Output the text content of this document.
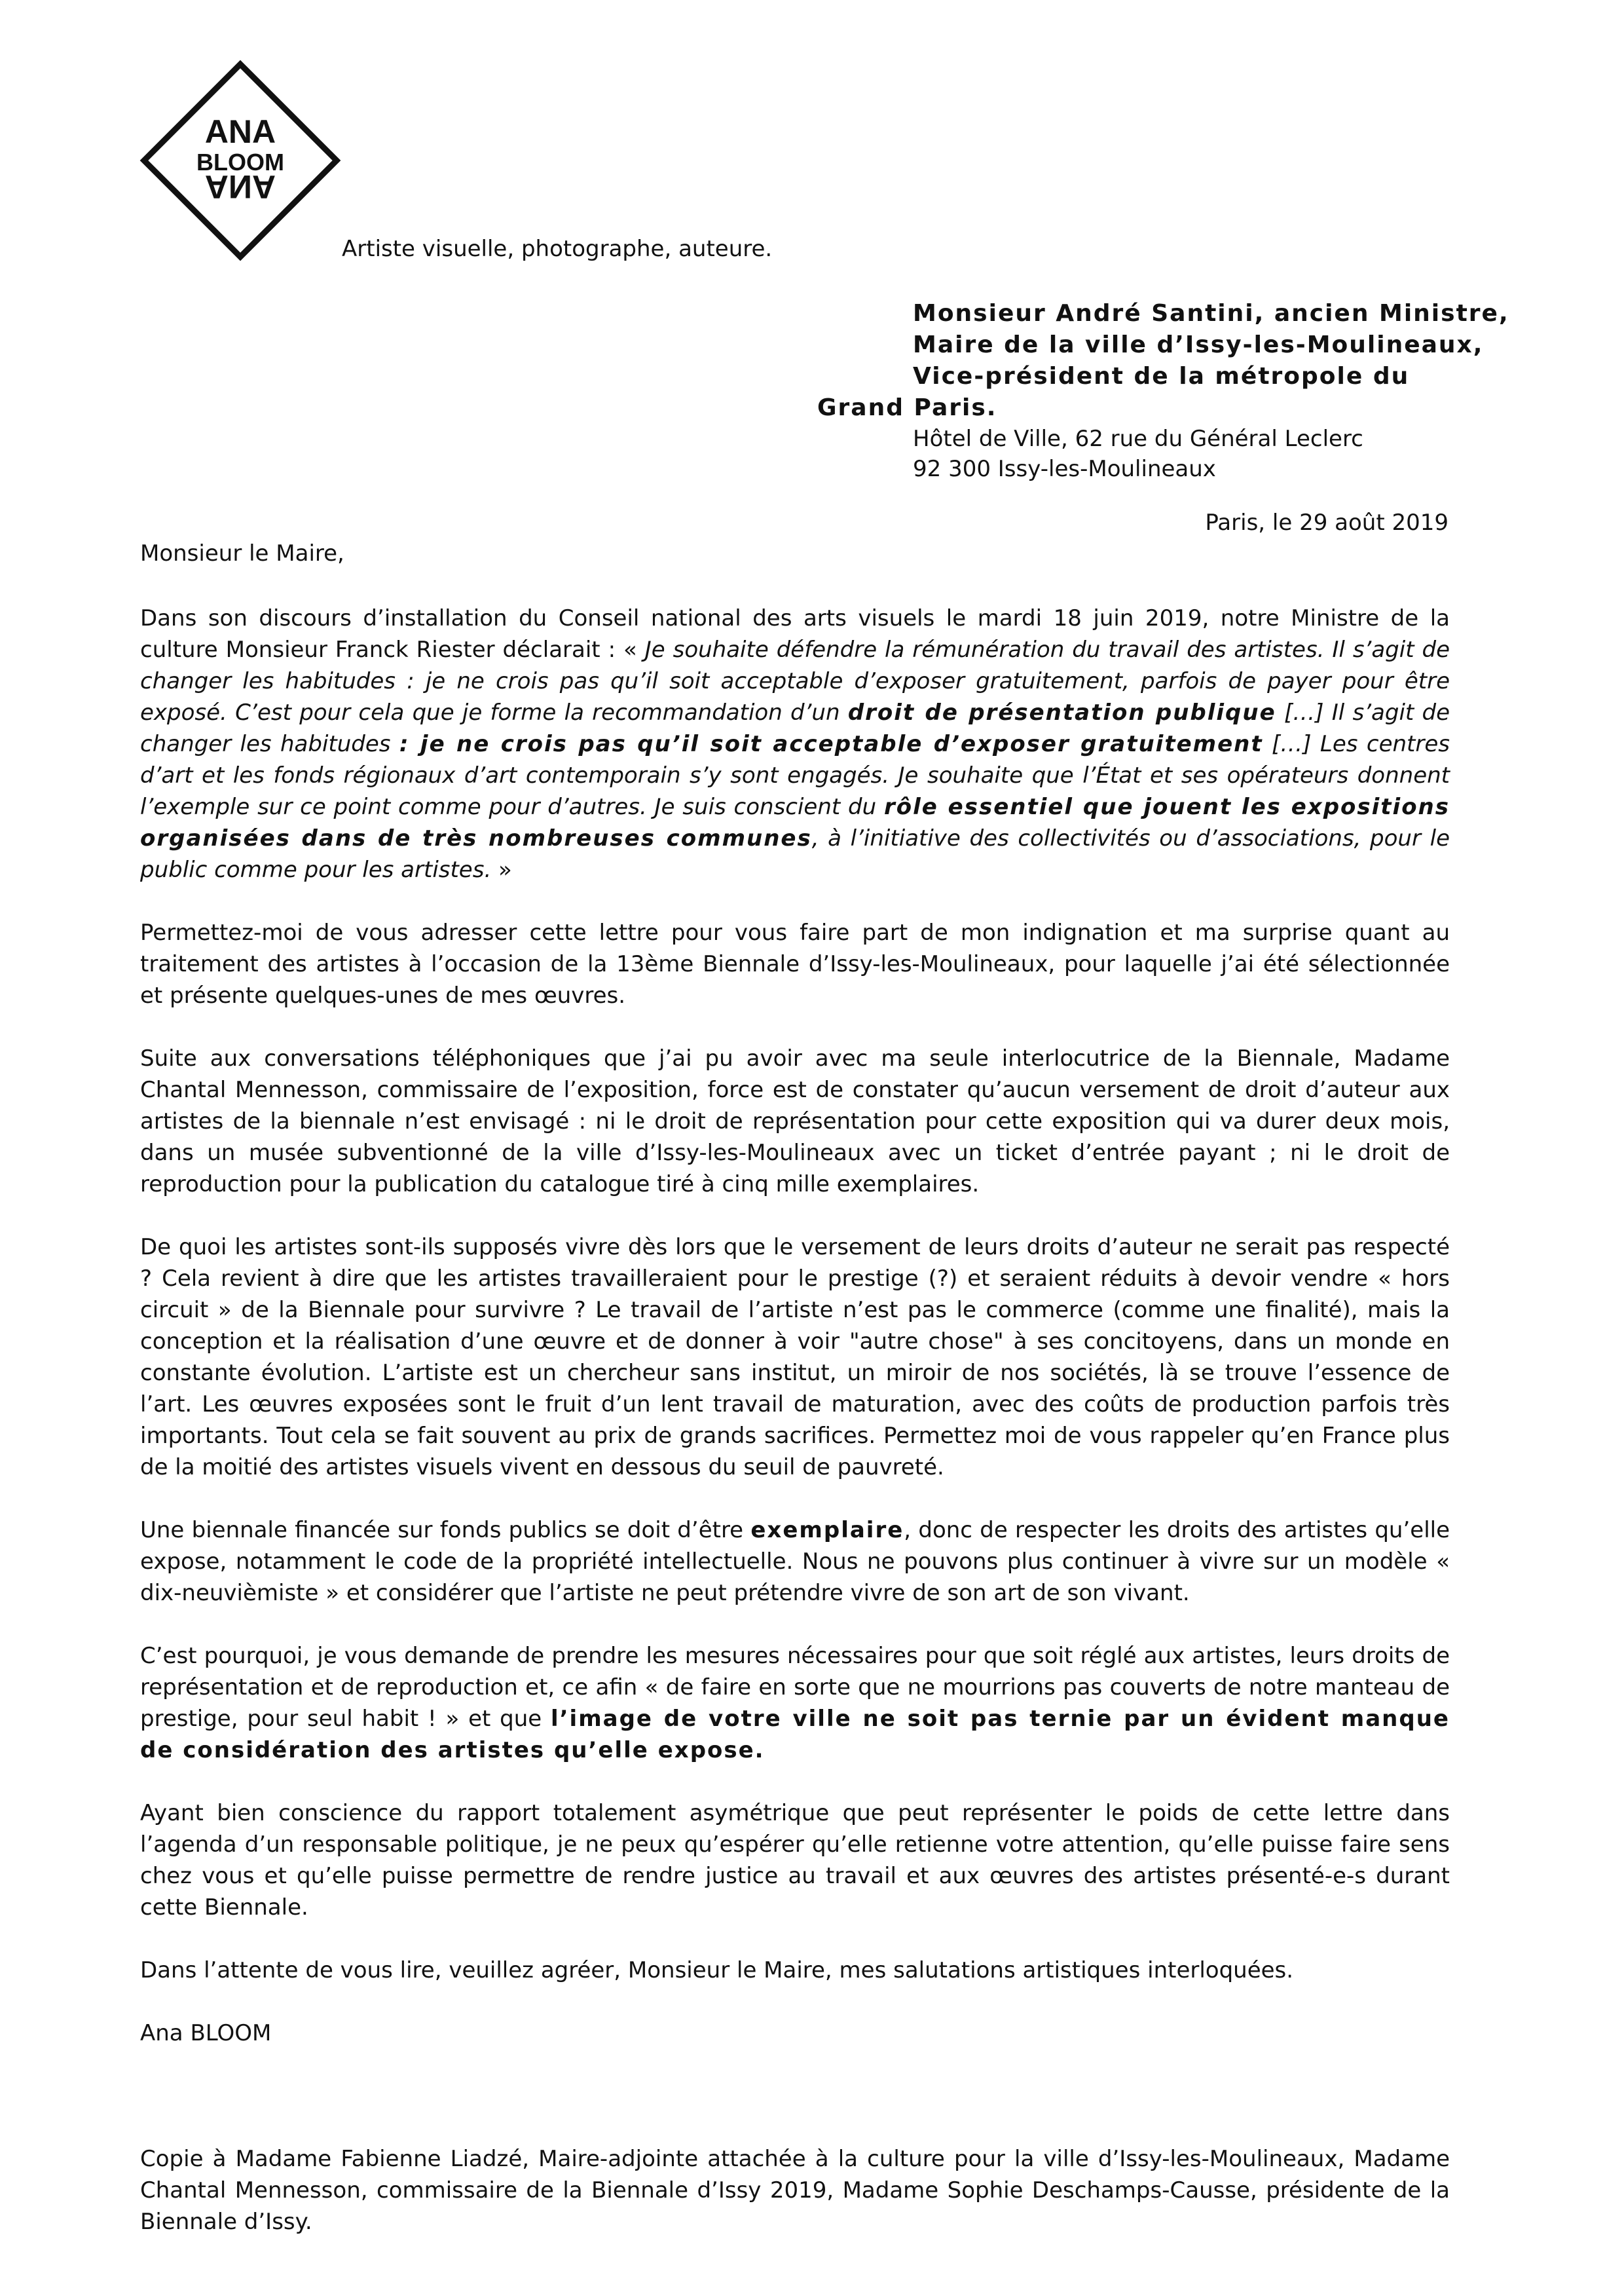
ANA
BLOOM
ANA
Artiste visuelle, photographe, auteure.
Monsieur André Santini, ancien Ministre,
Maire de la ville d’Issy-les-Moulineaux,
Vice-président de la métropole du
Grand Paris.
Hôtel de Ville, 62 rue du Général Leclerc
92 300 Issy-les-Moulineaux
Paris, le 29 août 2019
Monsieur le Maire,

Dans son discours d’installation du Conseil national des arts visuels le mardi 18 juin 2019, notre Ministre de la culture Monsieur Franck Riester déclarait : « Je souhaite défendre la rémunération du travail des artistes. Il s’agit de changer les habitudes : je ne crois pas qu’il soit acceptable d’exposer gratuitement, parfois de payer pour être exposé. C’est pour cela que je forme la recommandation d’un droit de présentation publique […] Il s’agit de changer les habitudes : je ne crois pas qu’il soit acceptable d’exposer gratuitement […] Les centres d’art et les fonds régionaux d’art contemporain s’y sont engagés. Je souhaite que l’État et ses opérateurs donnent l’exemple sur ce point comme pour d’autres. Je suis conscient du rôle essentiel que jouent les expositions organisées dans de très nombreuses communes, à l’initiative des collectivités ou d’associations, pour le public comme pour les artistes. »

Permettez-moi de vous adresser cette lettre pour vous faire part de mon indignation et ma surprise quant au traitement des artistes à l’occasion de la 13ème Biennale d’Issy-les-Moulineaux, pour laquelle j’ai été sélectionnée et présente quelques-unes de mes œuvres.

Suite aux conversations téléphoniques que j’ai pu avoir avec ma seule interlocutrice de la Biennale, Madame Chantal Mennesson, commissaire de l’exposition, force est de constater qu’aucun versement de droit d’auteur aux artistes de la biennale n’est envisagé : ni le droit de représentation pour cette exposition qui va durer deux mois, dans un musée subventionné de la ville d’Issy-les-Moulineaux avec un ticket d’entrée payant ; ni le droit de reproduction pour la publication du catalogue tiré à cinq mille exemplaires.

De quoi les artistes sont-ils supposés vivre dès lors que le versement de leurs droits d’auteur ne serait pas respecté ? Cela revient à dire que les artistes travailleraient pour le prestige (?) et seraient réduits à devoir vendre « hors circuit » de la Biennale pour survivre ? Le travail de l’artiste n’est pas le commerce (comme une finalité), mais la conception et la réalisation d’une œuvre et de donner à voir "autre chose" à ses concitoyens, dans un monde en constante évolution. L’artiste est un chercheur sans institut, un miroir de nos sociétés, là se trouve l’essence de l’art. Les œuvres exposées sont le fruit d’un lent travail de maturation, avec des coûts de production parfois très importants. Tout cela se fait souvent au prix de grands sacrifices. Permettez moi de vous rappeler qu’en France plus de la moitié des artistes visuels vivent en dessous du seuil de pauvreté.

Une biennale financée sur fonds publics se doit d’être exemplaire, donc de respecter les droits des artistes qu’elle expose, notamment le code de la propriété intellectuelle. Nous ne pouvons plus continuer à vivre sur un modèle « dix-neuvièmiste » et considérer que l’artiste ne peut prétendre vivre de son art de son vivant.

C’est pourquoi, je vous demande de prendre les mesures nécessaires pour que soit réglé aux artistes, leurs droits de représentation et de reproduction et, ce afin « de faire en sorte que ne mourrions pas couverts de notre manteau de prestige, pour seul habit ! » et que l’image de votre ville ne soit pas ternie par un évident manque de considération des artistes qu’elle expose.

Ayant bien conscience du rapport totalement asymétrique que peut représenter le poids de cette lettre dans l’agenda d’un responsable politique, je ne peux qu’espérer qu’elle retienne votre attention, qu’elle puisse faire sens chez vous et qu’elle puisse permettre de rendre justice au travail et aux œuvres des artistes présenté-e-s durant cette Biennale.

Dans l’attente de vous lire, veuillez agréer, Monsieur le Maire, mes salutations artistiques interloquées.

Ana BLOOM

Copie à Madame Fabienne Liadzé, Maire-adjointe attachée à la culture pour la ville d’Issy-les-Moulineaux, Madame Chantal Mennesson, commissaire de la Biennale d’Issy 2019, Madame Sophie Deschamps-Causse, présidente de la Biennale d’Issy.
